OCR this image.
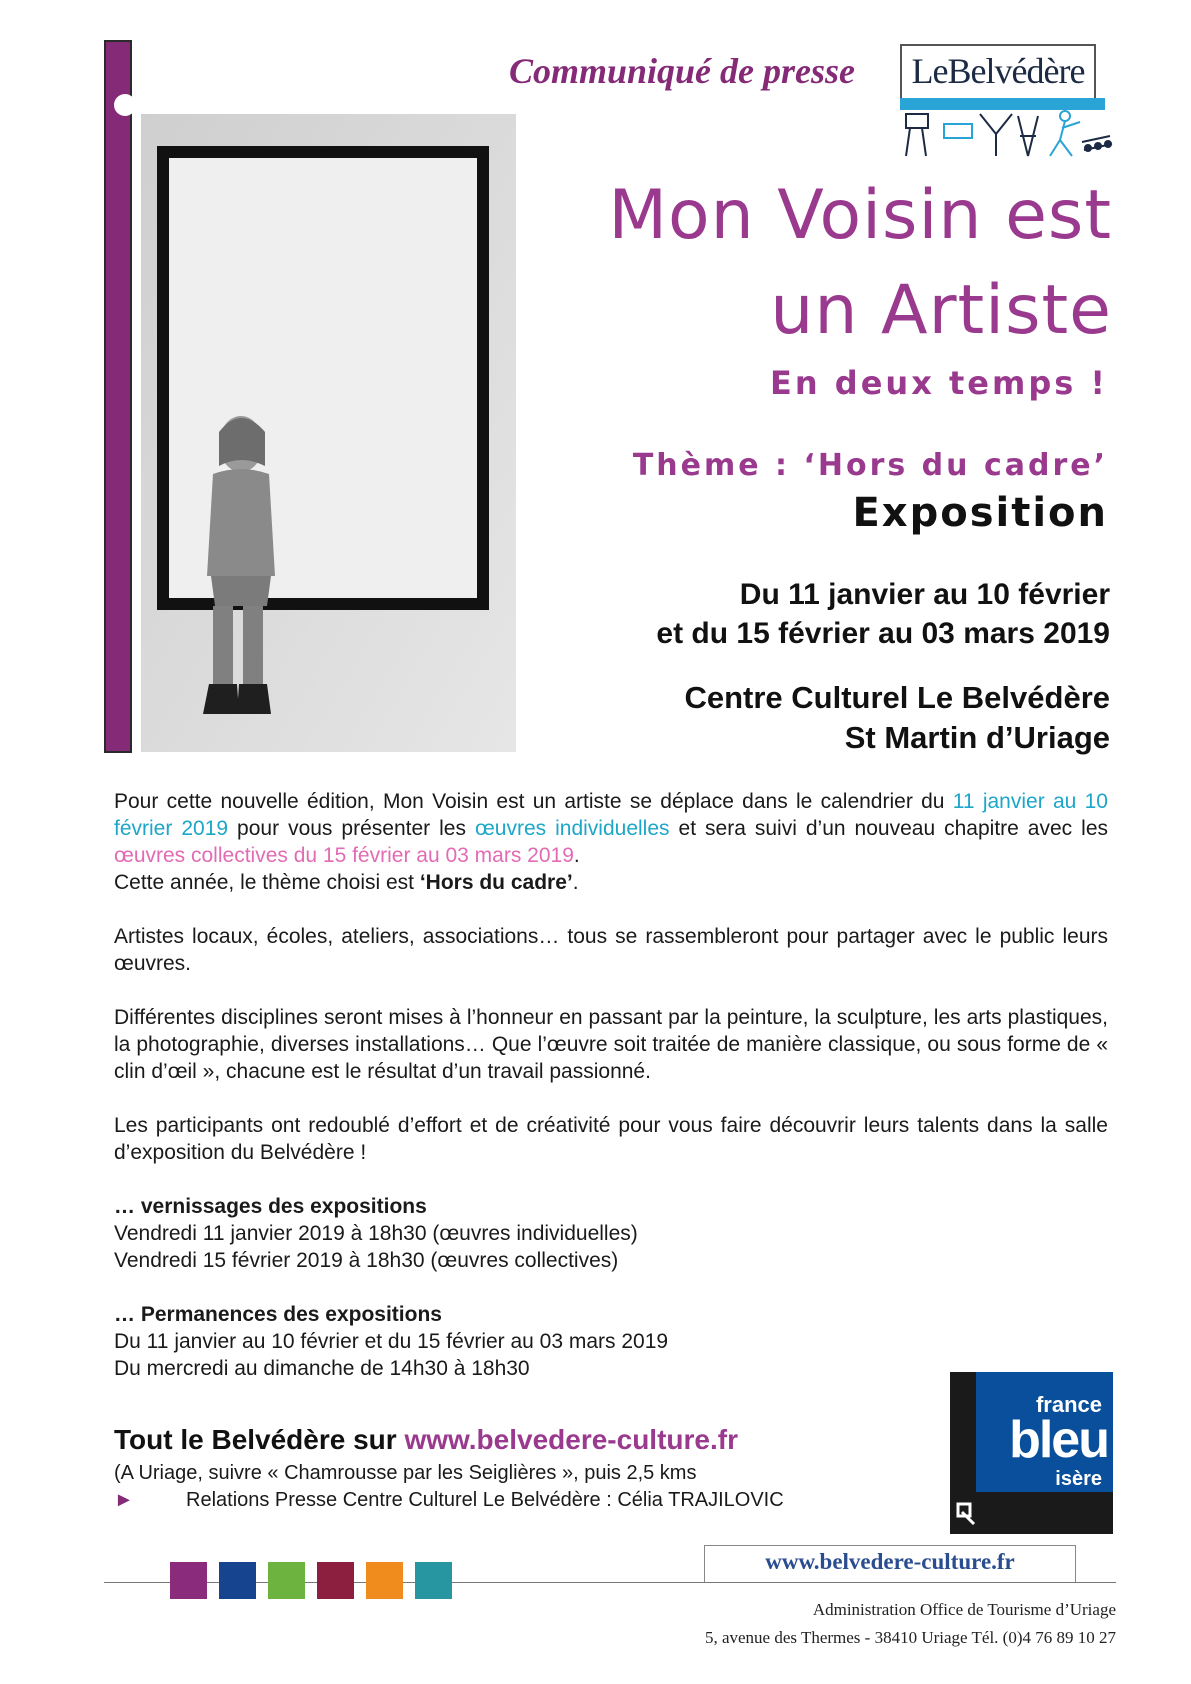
Communiqué de presse	LeBelvédère
Mon Voisin est
un Artiste
En deux temps !
Thème : ‘Hors du cadre’
Exposition
Du 11 janvier au 10 février
et du 15 février au 03 mars 2019
Centre Culturel Le Belvédère
St Martin d’Uriage

Pour cette nouvelle édition, Mon Voisin est un artiste se déplace dans le calendrier du 11 janvier au 10 février 2019 pour vous présenter les œuvres individuelles et sera suivi d’un nouveau chapitre avec les œuvres collectives du 15 février au 03 mars 2019.

Cette année, le thème choisi est ‘Hors du cadre’.

Artistes locaux, écoles, ateliers, associations… tous se rassembleront pour partager avec le public leurs œuvres.

Différentes disciplines seront mises à l’honneur en passant par la peinture, la sculpture, les arts plastiques, la photographie, diverses installations… Que l’œuvre soit traitée de manière classique, ou sous forme de « clin d’œil », chacune est le résultat d’un travail passionné.

Les participants ont redoublé d’effort et de créativité pour vous faire découvrir leurs talents dans la salle d’exposition du Belvédère !

… vernissages des expositions

Vendredi 11 janvier 2019 à 18h30 (œuvres individuelles)

Vendredi 15 février 2019 à 18h30 (œuvres collectives)

… Permanences des expositions

Du 11 janvier au 10 février et du 15 février au 03 mars 2019

Du mercredi au dimanche de 14h30 à 18h30

Tout le Belvédère sur www.belvedere-culture.fr
(A Uriage, suivre « Chamrousse par les Seiglières », puis 2,5 kms
►	Relations Presse Centre Culturel Le Belvédère : Célia TRAJILOVIC
france
bleu
isère
www.belvedere-culture.fr
Administration Office de Tourisme d’Uriage
5, avenue des Thermes - 38410 Uriage Tél. (0)4 76 89 10 27
